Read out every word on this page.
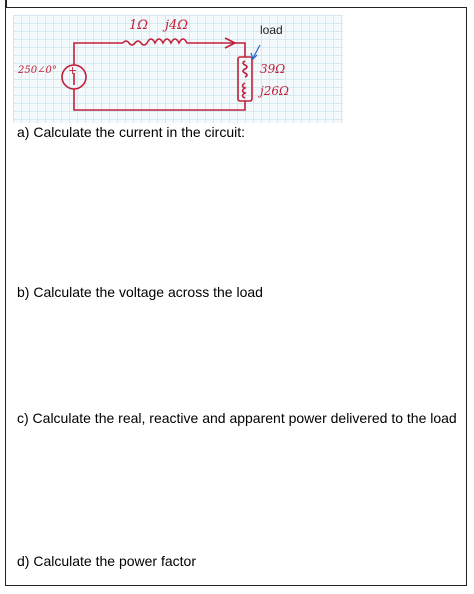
1Ω j4Ω
250∠0° +
load
39Ω
j26Ω
a) Calculate the current in the circuit:
b) Calculate the voltage across the load
c) Calculate the real, reactive and apparent power delivered to the load
d) Calculate the power factor
